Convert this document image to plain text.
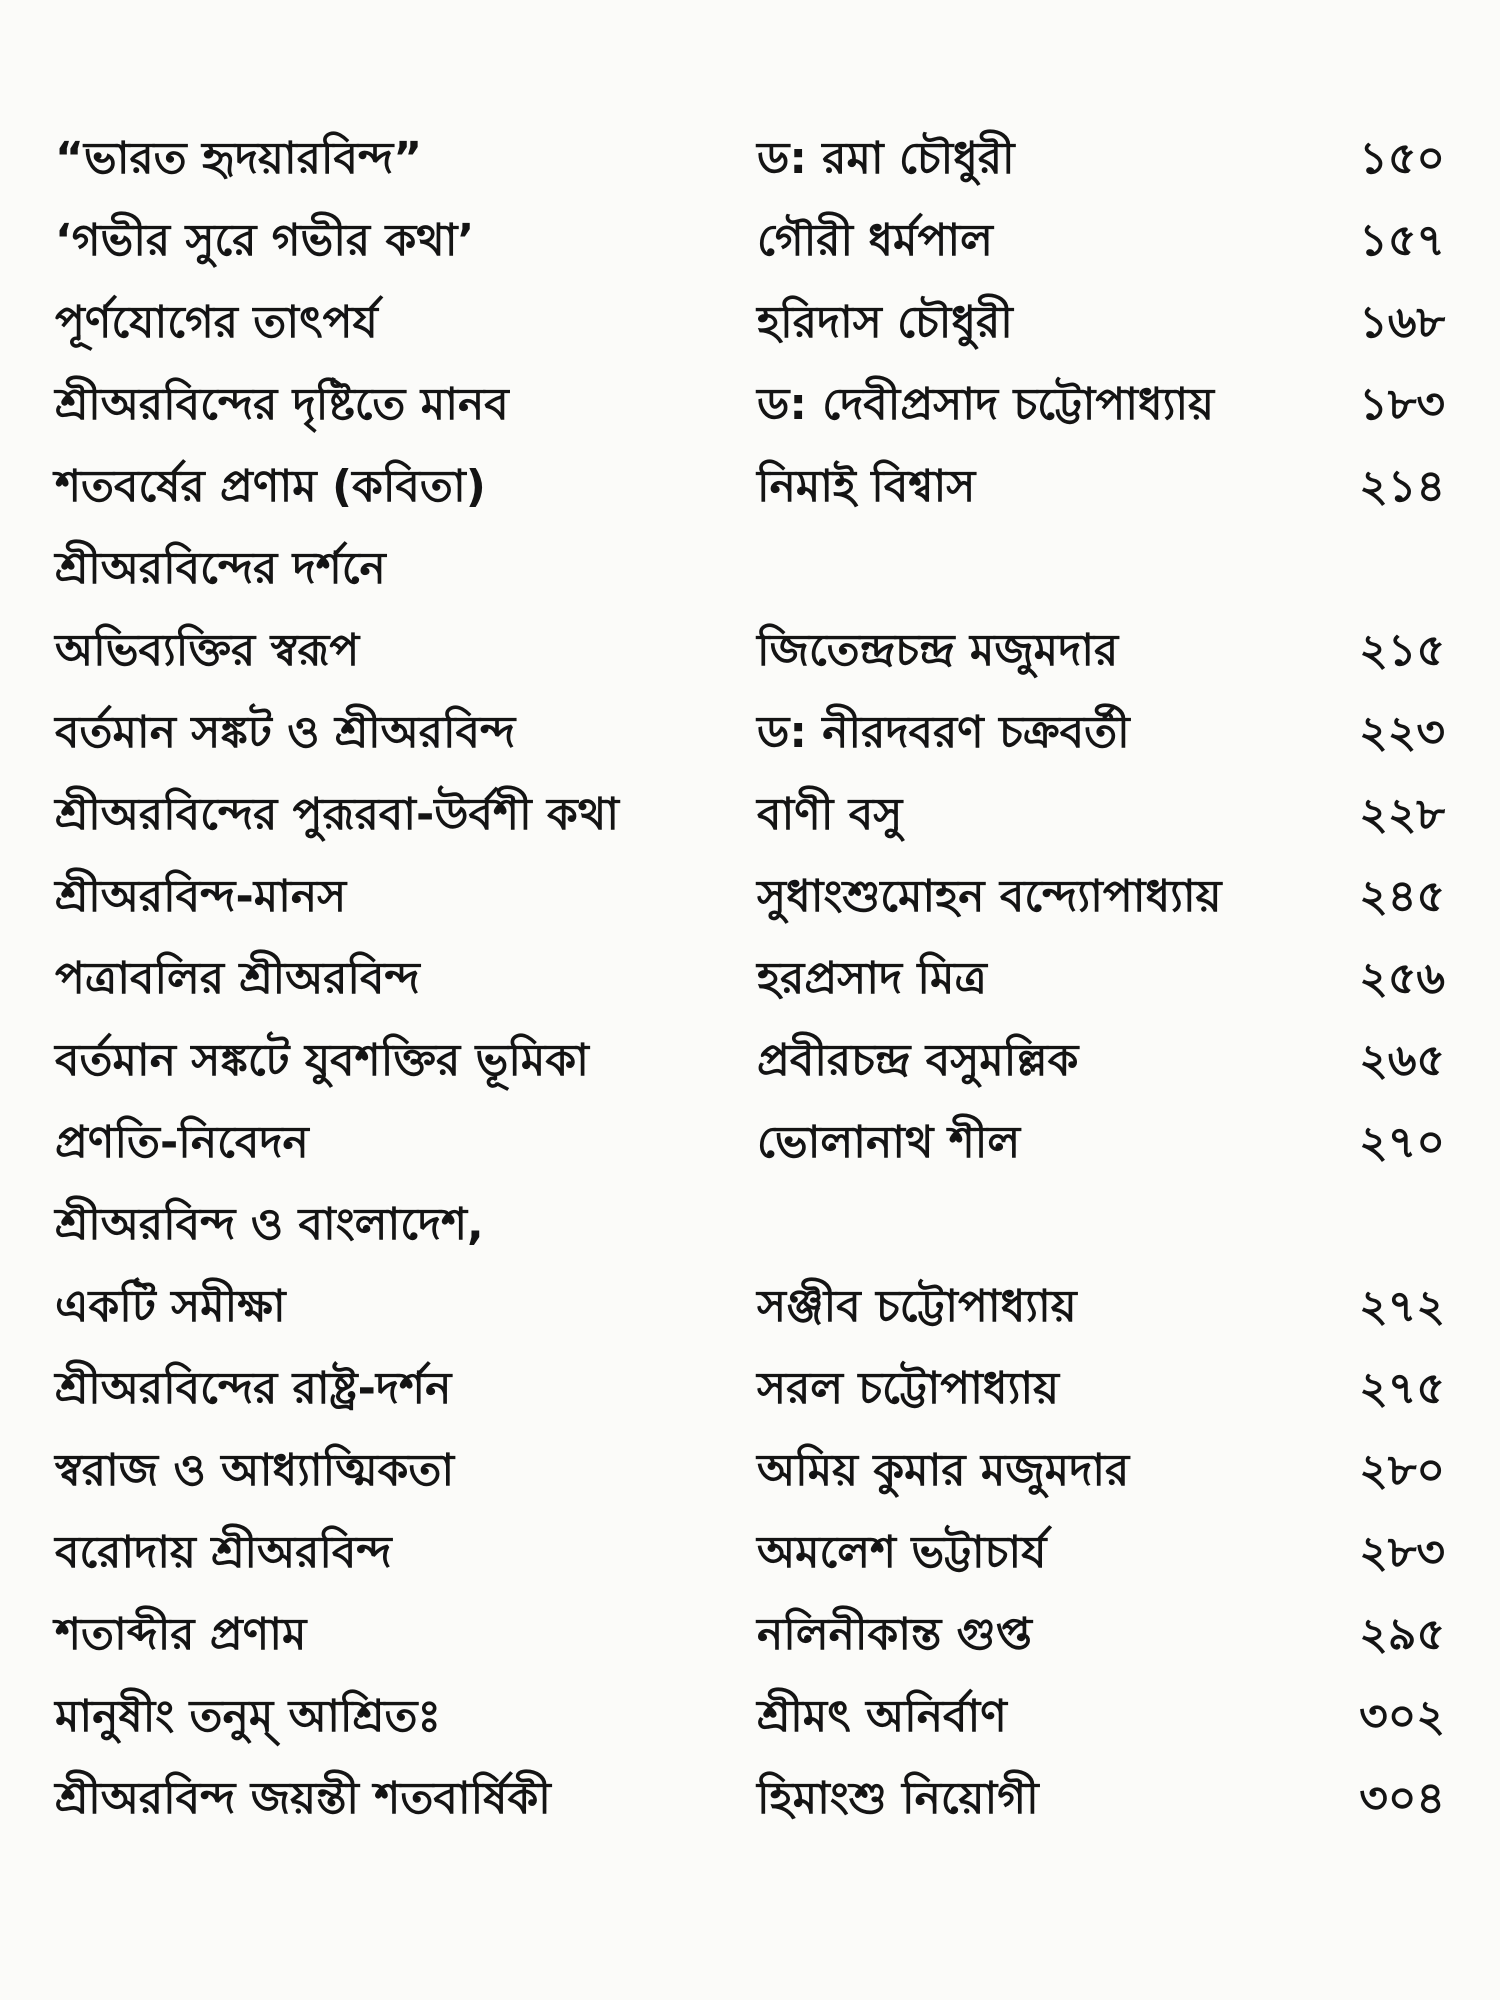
“ভারত হৃদয়ারবিন্দ”	ড: রমা চৌধুরী	১৫০
‘গভীর সুরে গভীর কথা’	গৌরী ধর্মপাল	১৫৭
পূর্ণযোগের তাৎপর্য	হরিদাস চৌধুরী	১৬৮
শ্রীঅরবিন্দের দৃষ্টিতে মানব	ড: দেবীপ্রসাদ চট্টোপাধ্যায়	১৮৩
শতবর্ষের প্রণাম (কবিতা)	নিমাই বিশ্বাস	২১৪
শ্রীঅরবিন্দের দর্শনে
অভিব্যক্তির স্বরূপ	জিতেন্দ্রচন্দ্র মজুমদার	২১৫
বর্তমান সঙ্কট ও শ্রীঅরবিন্দ	ড: নীরদবরণ চক্রবর্তী	২২৩
শ্রীঅরবিন্দের পুরূরবা-উর্বশী কথা	বাণী বসু	২২৮
শ্রীঅরবিন্দ-মানস	সুধাংশুমোহন বন্দ্যোপাধ্যায়	২৪৫
পত্রাবলির শ্রীঅরবিন্দ	হরপ্রসাদ মিত্র	২৫৬
বর্তমান সঙ্কটে যুবশক্তির ভূমিকা	প্রবীরচন্দ্র বসুমল্লিক	২৬৫
প্রণতি-নিবেদন	ভোলানাথ শীল	২৭০
শ্রীঅরবিন্দ ও বাংলাদেশ,
একটি সমীক্ষা	সঞ্জীব চট্টোপাধ্যায়	২৭২
শ্রীঅরবিন্দের রাষ্ট্র-দর্শন	সরল চট্টোপাধ্যায়	২৭৫
স্বরাজ ও আধ্যাত্মিকতা	অমিয় কুমার মজুমদার	২৮০
বরোদায় শ্রীঅরবিন্দ	অমলেশ ভট্টাচার্য	২৮৩
শতাব্দীর প্রণাম	নলিনীকান্ত গুপ্ত	২৯৫
মানুষীং তনুম্ আশ্রিতঃ	শ্রীমৎ অনির্বাণ	৩০২
শ্রীঅরবিন্দ জয়ন্তী শতবার্ষিকী	হিমাংশু নিয়োগী	৩০৪
